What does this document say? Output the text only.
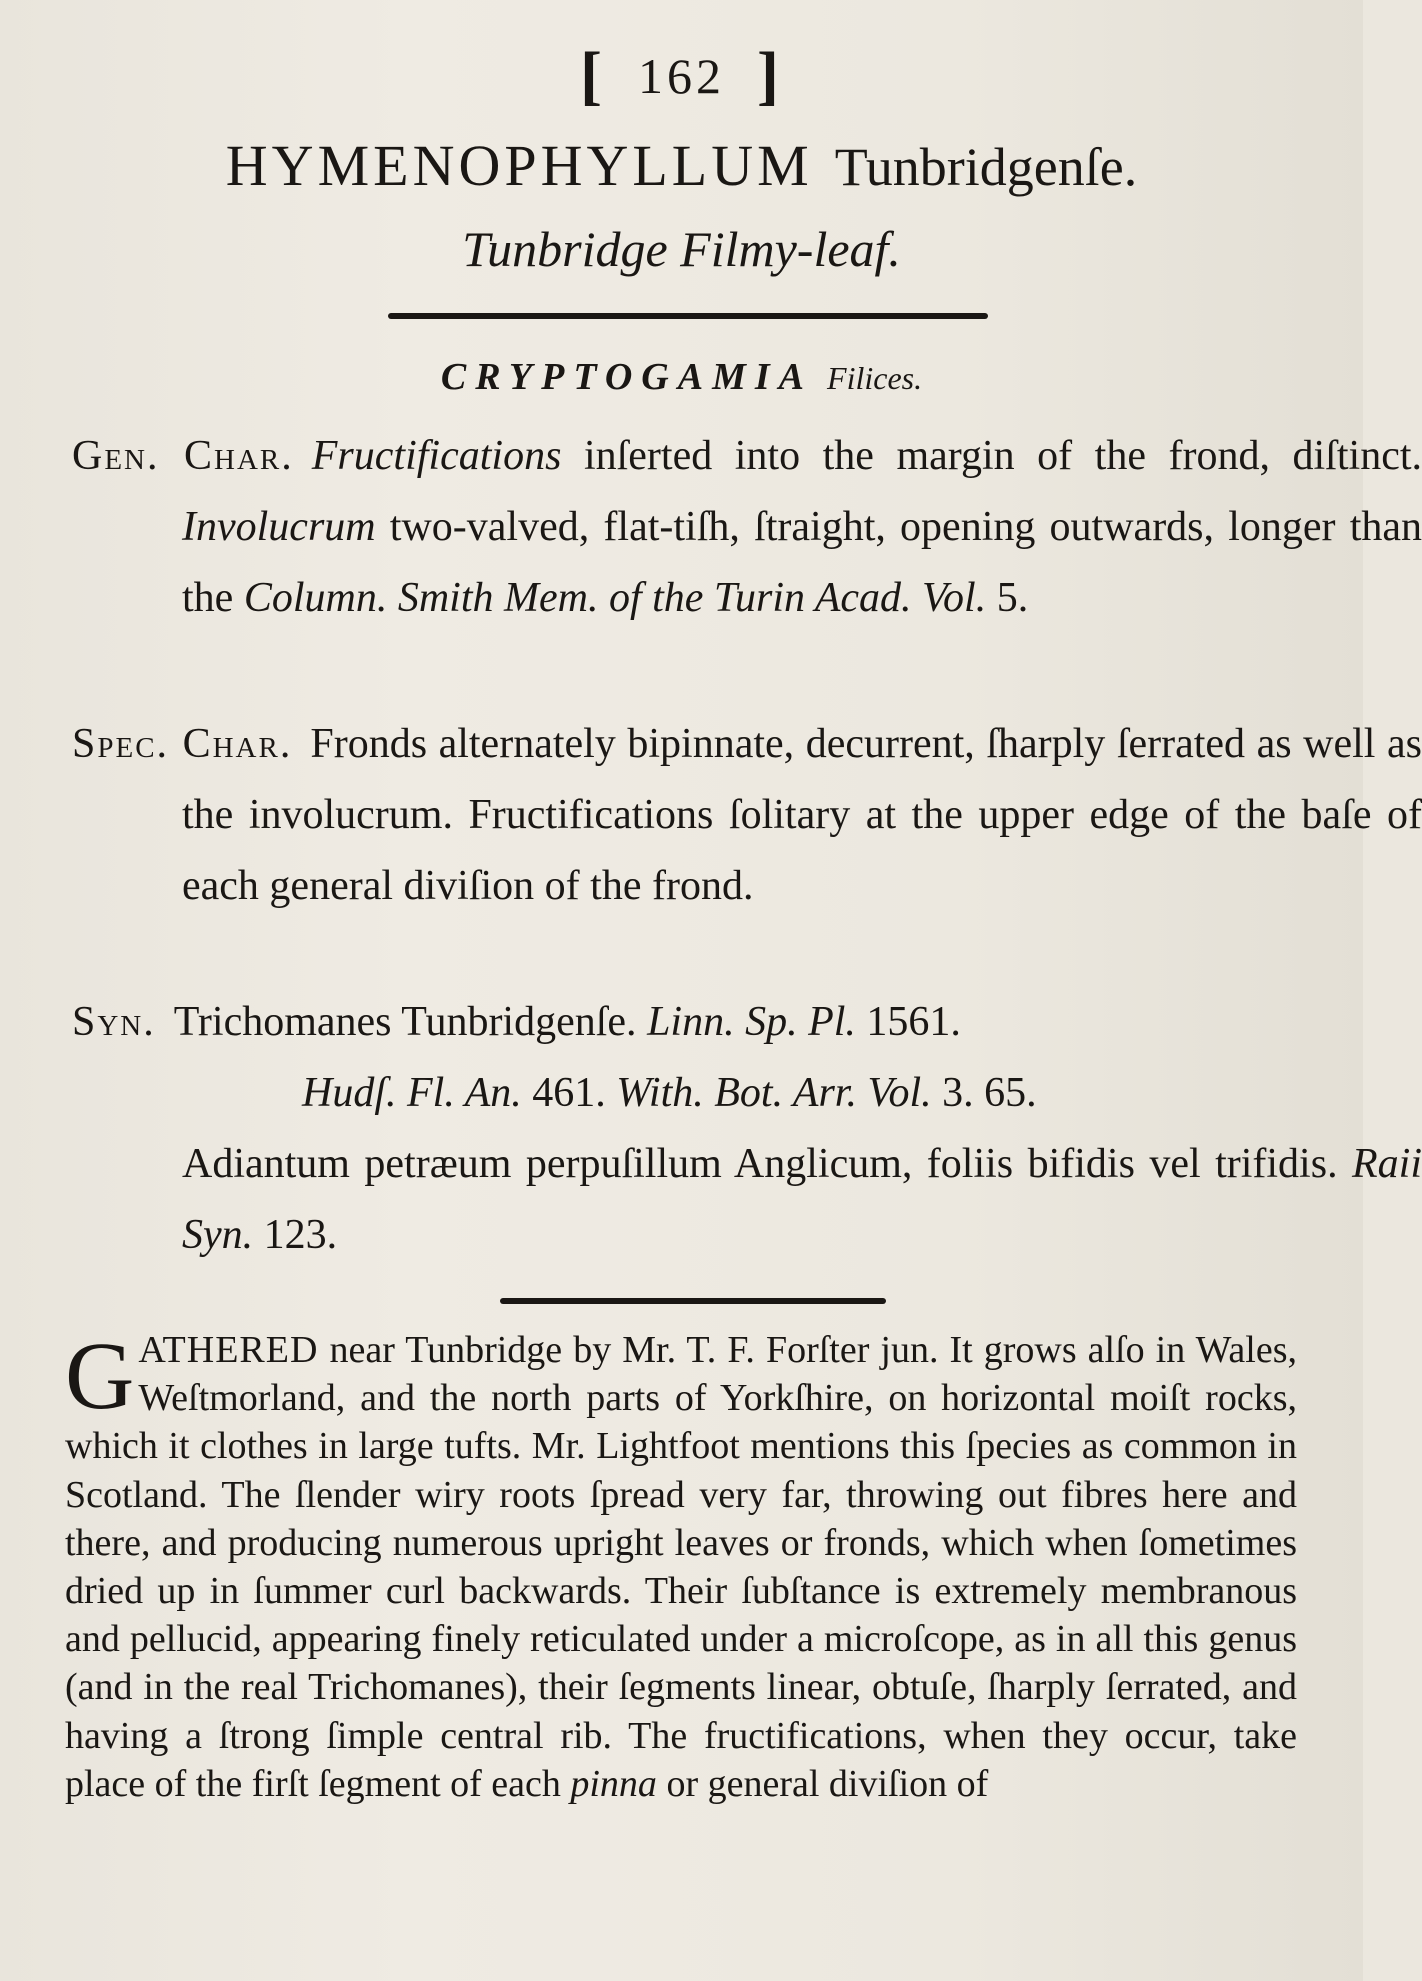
[ 162 ]
HYMENOPHYLLUM Tunbridgenſe.
Tunbridge Filmy-leaf.
CRYPTOGAMIA Filices.
Gen. Char. Fructifications inſerted into the margin of the frond, diſtinct. Involucrum two-valved, flat-tiſh, ſtraight, opening outwards, longer than the Column. Smith Mem. of the Turin Acad. Vol. 5.
Spec. Char. Fronds alternately bipinnate, decurrent, ſharply ſerrated as well as the involucrum. Fructifications ſolitary at the upper edge of the baſe of each general diviſion of the frond.
Syn. Trichomanes Tunbridgenſe. Linn. Sp. Pl. 1561.
Hudſ. Fl. An. 461. With. Bot. Arr. Vol. 3. 65.
Adiantum petræum perpuſillum Anglicum, foliis bifidis vel trifidis. Raii Syn. 123.
GATHERED near Tunbridge by Mr. T. F. Forſter jun. It grows alſo in Wales, Weſtmorland, and the north parts of Yorkſhire, on horizontal moiſt rocks, which it clothes in large tufts. Mr. Lightfoot mentions this ſpecies as common in Scotland. The ſlender wiry roots ſpread very far, throwing out fibres here and there, and producing numerous upright leaves or fronds, which when ſometimes dried up in ſummer curl backwards. Their ſubſtance is extremely membranous and pellucid, appearing finely reticulated under a microſcope, as in all this genus (and in the real Trichomanes), their ſegments linear, obtuſe, ſharply ſerrated, and having a ſtrong ſimple central rib. The fructifications, when they occur, take place of the firſt ſegment of each pinna or general diviſion of
